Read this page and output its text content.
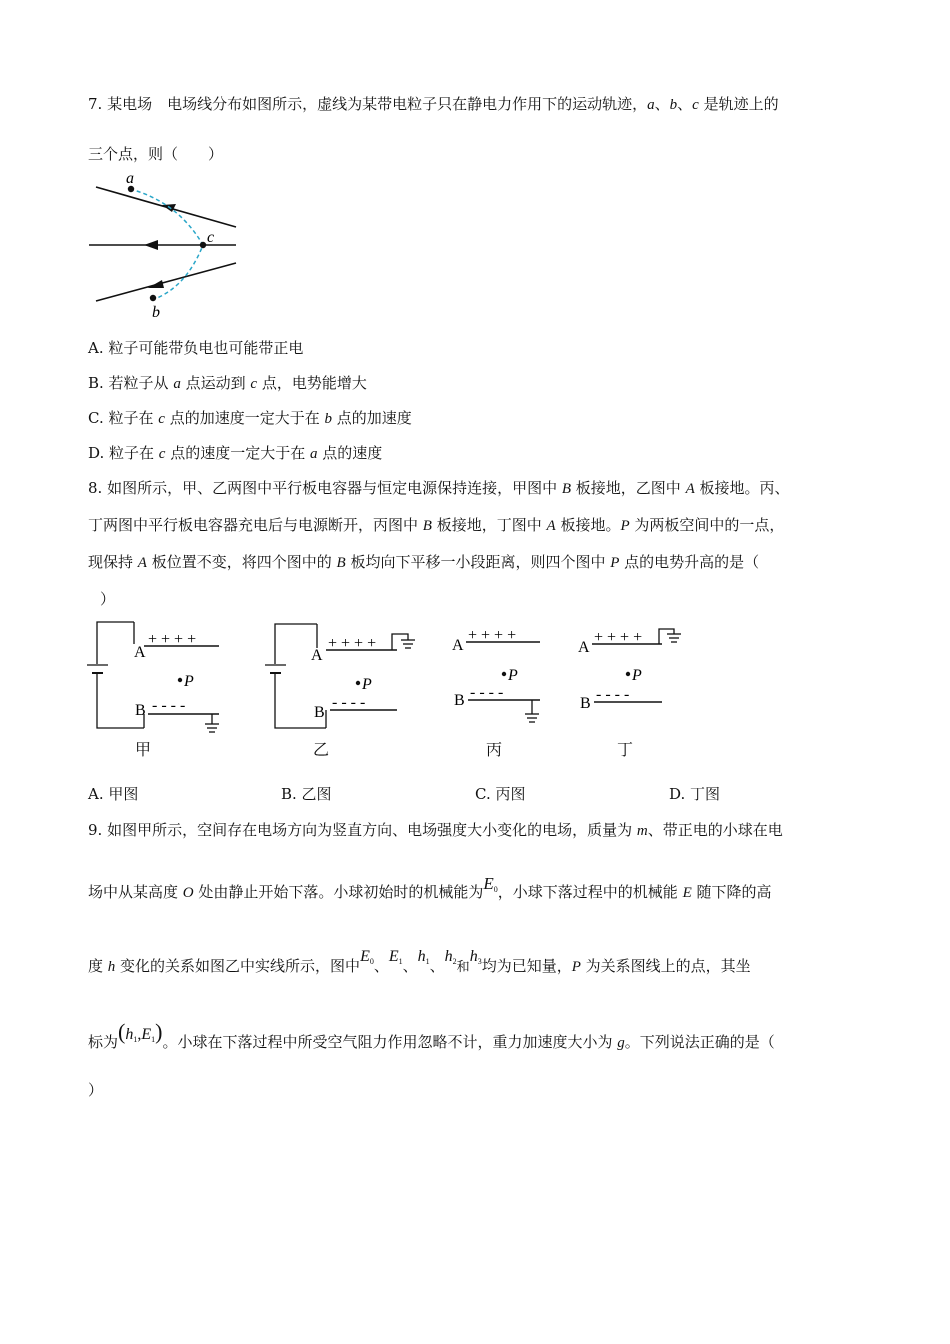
7. 某电场　电场线分布如图所示，虚线为某带电粒子只在静电力作用下的运动轨迹，a、b、c 是轨迹上的
三个点，则（　　）
a
c
b
A. 粒子可能带负电也可能带正电
B. 若粒子从 a 点运动到 c 点，电势能增大
C. 粒子在 c 点的加速度一定大于在 b 点的加速度
D. 粒子在 c 点的速度一定大于在 a 点的速度
8. 如图所示，甲、乙两图中平行板电容器与恒定电源保持连接，甲图中 B 板接地，乙图中 A 板接地。丙、
丁两图中平行板电容器充电后与电源断开，丙图中 B 板接地，丁图中 A 板接地。P 为两板空间中的一点，
现保持 A 板位置不变，将四个图中的 B 板均向下平移一小段距离，则四个图中 P 点的电势升高的是（
）
+ + + +
A
P
- - - -
B
甲
+ + + +
A
P
- - - -
B
乙
+ + + +
A
P
- - - -
B
丙
+ + + +
A
P
- - - -
B
丁
A. 甲图	B. 乙图	C. 丙图	D. 丁图
9. 如图甲所示，空间存在电场方向为竖直方向、电场强度大小变化的电场，质量为 m、带正电的小球在电
场中从某高度 O 处由静止开始下落。小球初始时的机械能为$E_0$，小球下落过程中的机械能 E 随下降的高
度 h 变化的关系如图乙中实线所示，图中$E_0$、$E_1$、$h_1$、$h_2$和$h_3$均为已知量，P 为关系图线上的点，其坐
标为$(h_1,E_1)$。小球在下落过程中所受空气阻力作用忽略不计，重力加速度大小为 g。下列说法正确的是（
）
